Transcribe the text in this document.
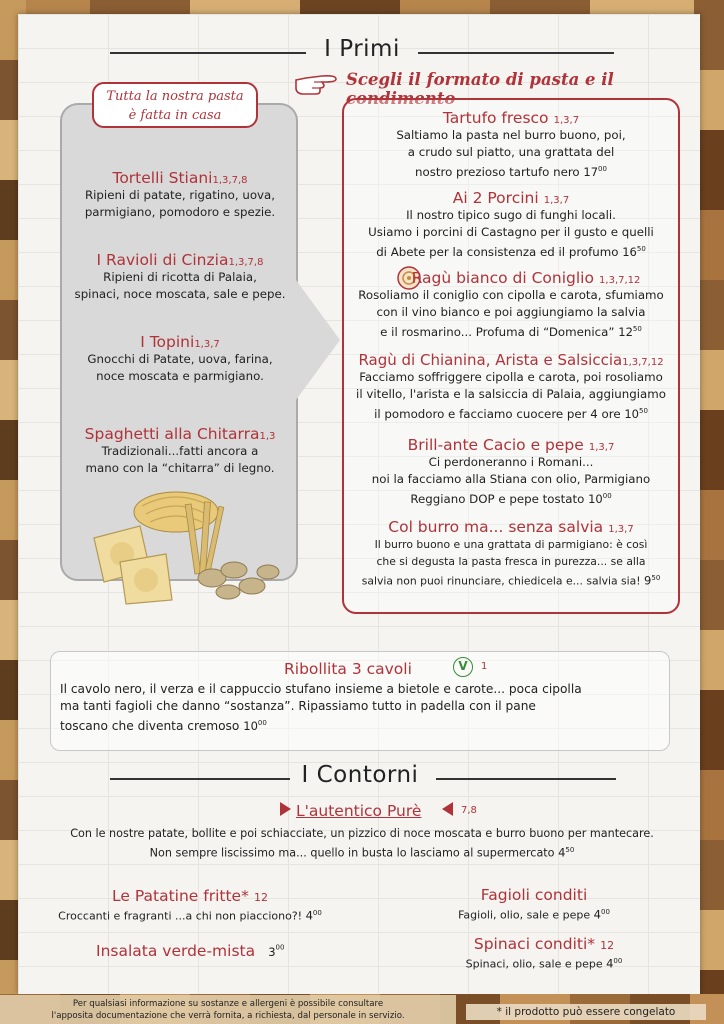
I Primi
Scegli il formato di pasta e il condimento
Tutta la nostra pasta
è fatta in casa
Tortelli Stiani1,3,7,8
Ripieni di patate, rigatino, uova,
parmigiano, pomodoro e spezie.
I Ravioli di Cinzia1,3,7,8
Ripieni di ricotta di Palaia,
spinaci, noce moscata, sale e pepe.
I Topini1,3,7
Gnocchi di Patate, uova, farina,
noce moscata e parmigiano.
Spaghetti alla Chitarra1,3
Tradizionali...fatti ancora a
mano con la “chitarra” di legno.
Tartufo fresco 1,3,7
Saltiamo la pasta nel burro buono, poi,
a crudo sul piatto, una grattata del
nostro prezioso tartufo nero $17^{00}$
Ai 2 Porcini 1,3,7
Il nostro tipico sugo di funghi locali.
Usiamo i porcini di Castagno per il gusto e quelli
di Abete per la consistenza ed il profumo $16^{50}$
Ragù bianco di Coniglio 1,3,7,12
Rosoliamo il coniglio con cipolla e carota, sfumiamo
con il vino bianco e poi aggiungiamo la salvia
e il rosmarino... Profuma di “Domenica” $12^{50}$
Ragù di Chianina, Arista e Salsiccia1,3,7,12
Facciamo soffriggere cipolla e carota, poi rosoliamo
il vitello, l'arista e la salsiccia di Palaia, aggiungiamo
il pomodoro e facciamo cuocere per 4 ore $10^{50}$
Brill-ante Cacio e pepe 1,3,7
Ci perdoneranno i Romani...
noi la facciamo alla Stiana con olio, Parmigiano
Reggiano DOP e pepe tostato $10^{00}$
Col burro ma... senza salvia 1,3,7
Il burro buono e una grattata di parmigiano: è così
che si degusta la pasta fresca in purezza... se alla
salvia non puoi rinunciare, chiedicela e... salvia sia! $9^{50}$
Ribollita 3 cavoli	V	1
Il cavolo nero, il verza e il cappuccio stufano insieme a bietole e carote... poca cipolla
ma tanti fagioli che danno “sostanza”. Ripassiamo tutto in padella con il pane
toscano che diventa cremoso $10^{00}$
I Contorni
L'autentico Purè	7,8
Con le nostre patate, bollite e poi schiacciate, un pizzico di noce moscata e burro buono per mantecare.
Non sempre liscissimo ma... quello in busta lo lasciamo al supermercato $4^{50}$
Le Patatine fritte* 12
Croccanti e fragranti ...a chi non piacciono?! $4^{00}$
Insalata verde-mista $3^{00}$
Fagioli conditi
Fagioli, olio, sale e pepe $4^{00}$
Spinaci conditi* 12
Spinaci, olio, sale e pepe $4^{00}$
Per qualsiasi informazione su sostanze e allergeni è possibile consultare
l'apposita documentazione che verrà fornita, a richiesta, dal personale in servizio.	* il prodotto può essere congelato
